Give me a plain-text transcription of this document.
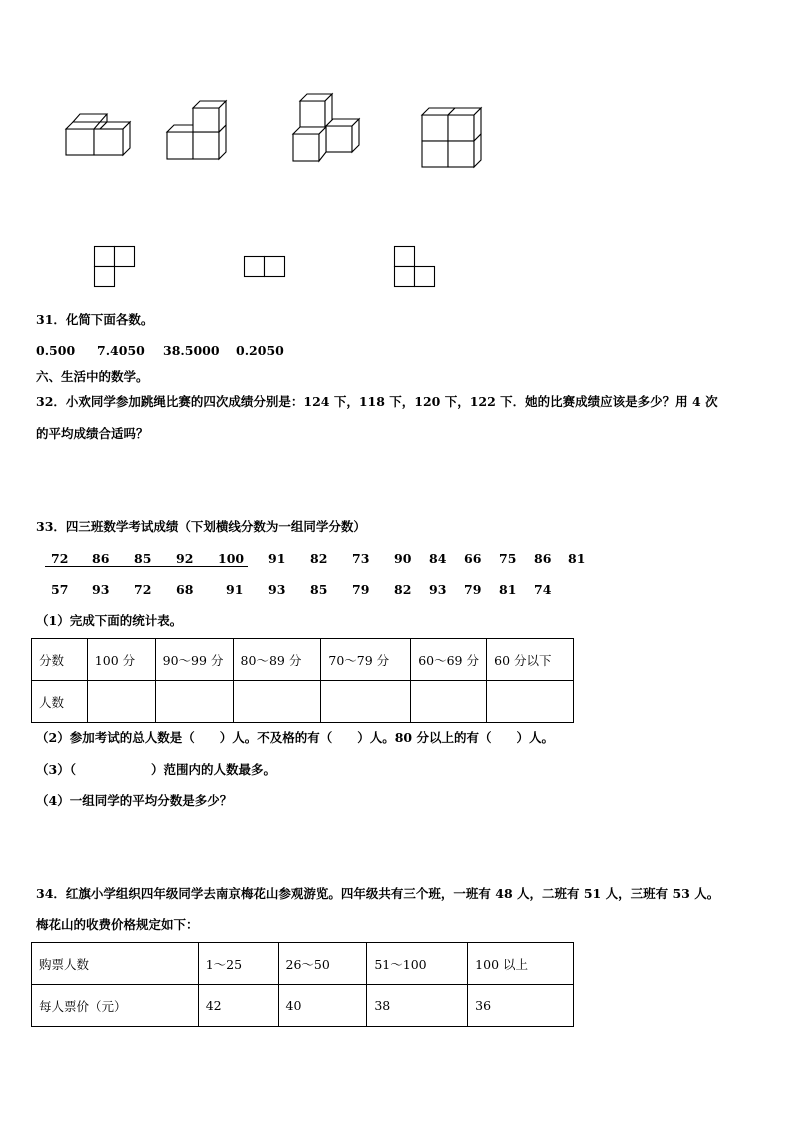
31．化简下面各数。
0.500 7.4050 38.5000 0.2050
六、生活中的数学。
32．小欢同学参加跳绳比赛的四次成绩分别是：124 下，118 下，120 下，122 下．她的比赛成绩应该是多少？用 4 次
的平均成绩合适吗？
33．四三班数学考试成绩（下划横线分数为一组同学分数）
72 86 85 92 100 91 82 73 90 84 66 75 86 81
57 93 72 68	91 93 85 79 82 93 79 81 74
（1）完成下面的统计表。
分数	100 分	90～99 分	80～89 分	70～79 分	60～69 分	60 分以下
人数						
（2）参加考试的总人数是（　　）人。不及格的有（　　）人。80 分以上的有（　　）人。
（3）（　　　　　　）范围内的人数最多。
（4）一组同学的平均分数是多少？
34．红旗小学组织四年级同学去南京梅花山参观游览。四年级共有三个班，一班有 48 人，二班有 51 人，三班有 53 人。
梅花山的收费价格规定如下：
购票人数	1～25	26～50	51～100	100 以上
每人票价（元）	42	40	38	36
